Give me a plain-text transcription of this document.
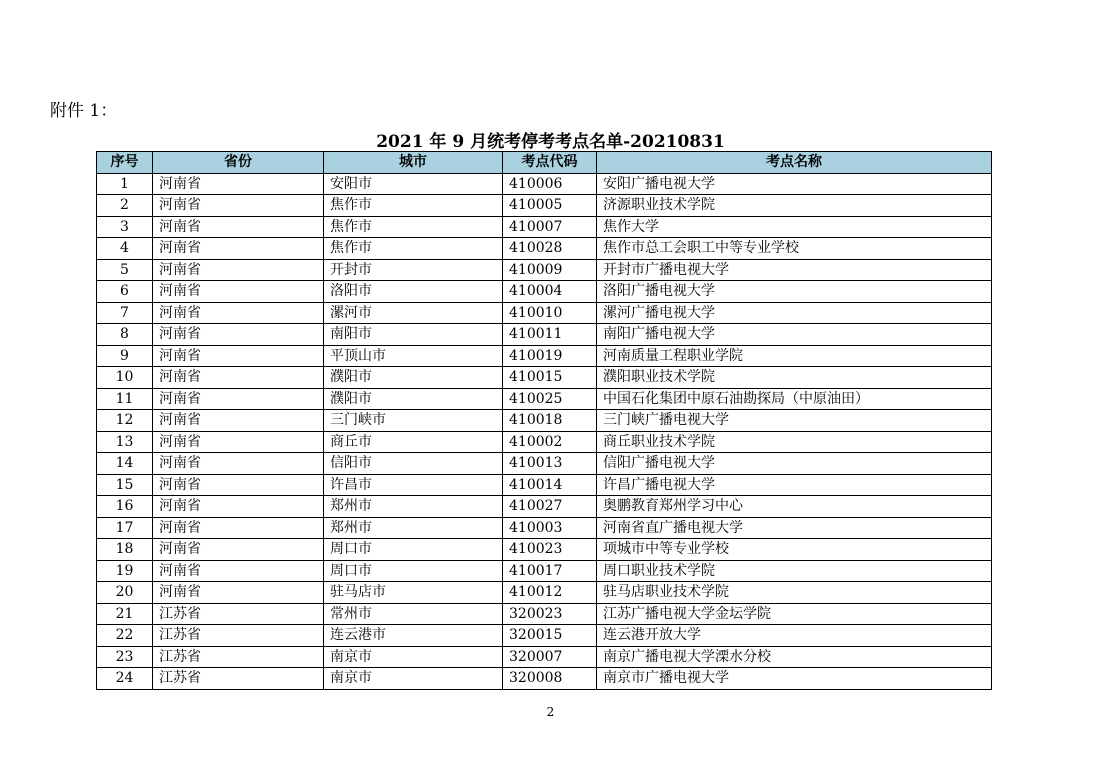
附件 1：
2021 年 9 月统考停考考点名单-20210831
序号	省份	城市	考点代码	考点名称
1	河南省	安阳市	410006	安阳广播电视大学
2	河南省	焦作市	410005	济源职业技术学院
3	河南省	焦作市	410007	焦作大学
4	河南省	焦作市	410028	焦作市总工会职工中等专业学校
5	河南省	开封市	410009	开封市广播电视大学
6	河南省	洛阳市	410004	洛阳广播电视大学
7	河南省	漯河市	410010	漯河广播电视大学
8	河南省	南阳市	410011	南阳广播电视大学
9	河南省	平顶山市	410019	河南质量工程职业学院
10	河南省	濮阳市	410015	濮阳职业技术学院
11	河南省	濮阳市	410025	中国石化集团中原石油勘探局（中原油田）
12	河南省	三门峡市	410018	三门峡广播电视大学
13	河南省	商丘市	410002	商丘职业技术学院
14	河南省	信阳市	410013	信阳广播电视大学
15	河南省	许昌市	410014	许昌广播电视大学
16	河南省	郑州市	410027	奥鹏教育郑州学习中心
17	河南省	郑州市	410003	河南省直广播电视大学
18	河南省	周口市	410023	项城市中等专业学校
19	河南省	周口市	410017	周口职业技术学院
20	河南省	驻马店市	410012	驻马店职业技术学院
21	江苏省	常州市	320023	江苏广播电视大学金坛学院
22	江苏省	连云港市	320015	连云港开放大学
23	江苏省	南京市	320007	南京广播电视大学溧水分校
24	江苏省	南京市	320008	南京市广播电视大学
2
